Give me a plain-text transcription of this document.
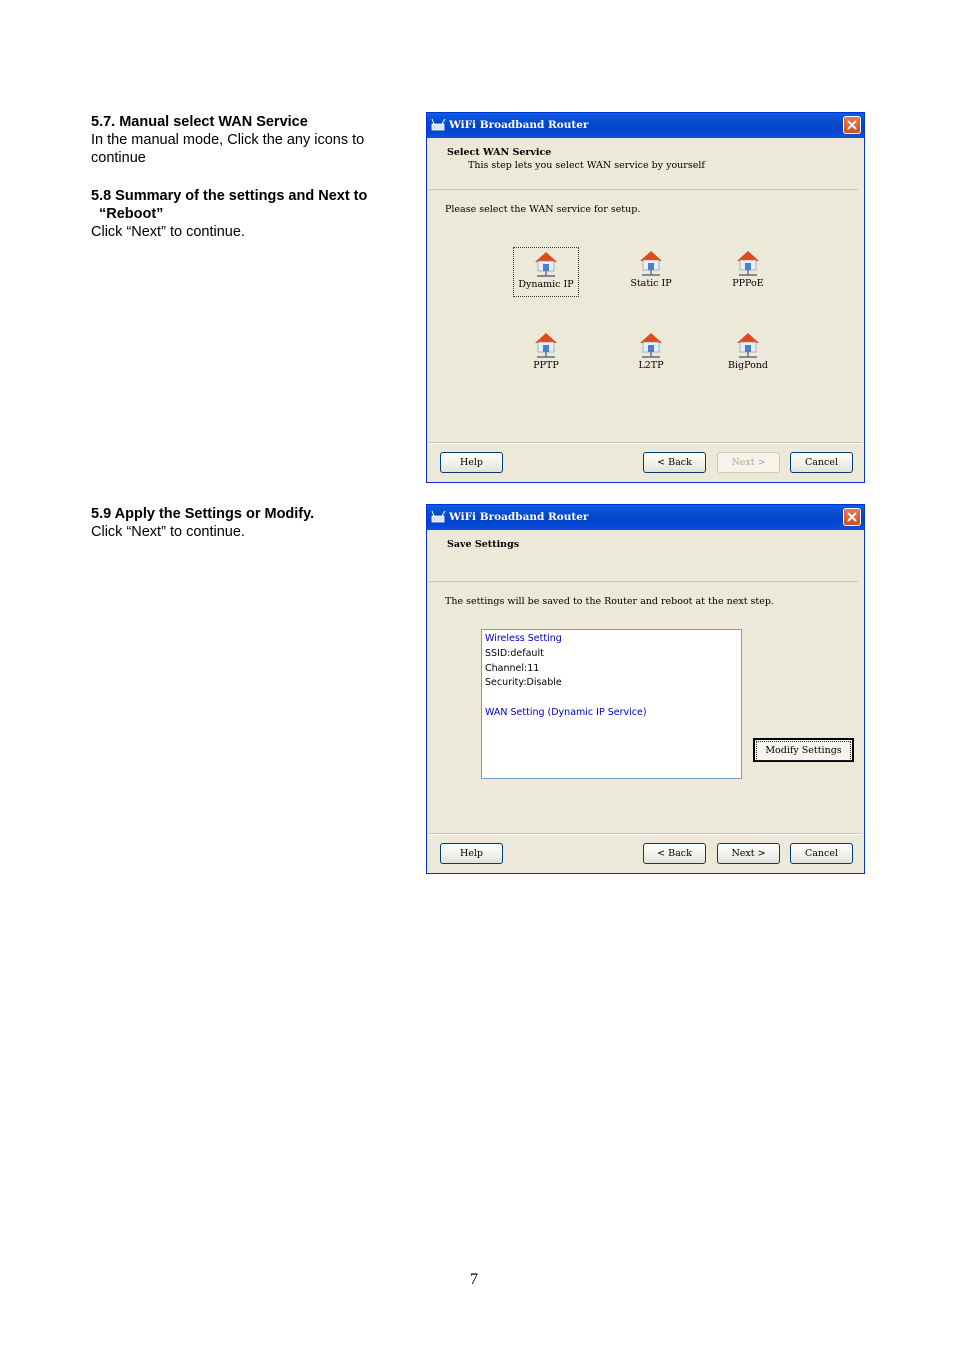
5.7. Manual select WAN Service
In the manual mode, Click the any icons to
continue
5.8 Summary of the settings and Next to
“Reboot”
Click “Next” to continue.
5.9 Apply the Settings or Modify.
Click “Next” to continue.
WiFi Broadband Router
Select WAN Service
This step lets you select WAN service by yourself
Please select the WAN service for setup.
Dynamic IP	Static IP	PPPoE
PPTP	L2TP	BigPond
Help	< Back	Next >	Cancel
WiFi Broadband Router
Save Settings
The settings will be saved to the Router and reboot at the next step.
Wireless Setting
SSID:default
Channel:11
Security:Disable
WAN Setting (Dynamic IP Service)
Modify Settings
Help	< Back	Next >	Cancel
7
